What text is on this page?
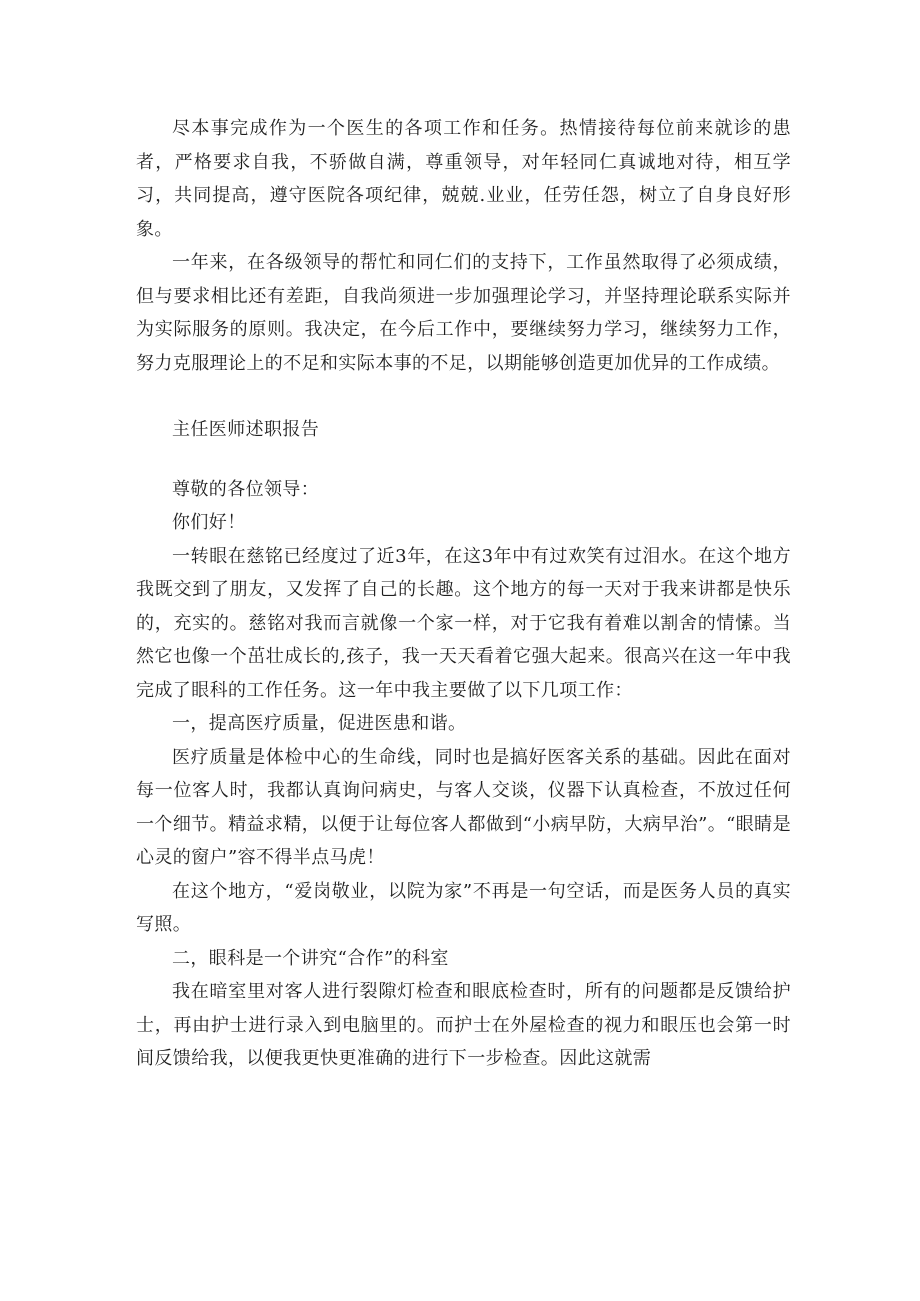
尽本事完成作为一个医生的各项工作和任务。热情接待每位前来就诊的患者，严格要求自我，不骄做自满，尊重领导，对年轻同仁真诚地对待，相互学习，共同提高，遵守医院各项纪律，兢兢.业业，任劳任怨，树立了自身良好形象。

一年来，在各级领导的帮忙和同仁们的支持下，工作虽然取得了必须成绩，但与要求相比还有差距，自我尚须进一步加强理论学习，并坚持理论联系实际并为实际服务的原则。我决定，在今后工作中，要继续努力学习，继续努力工作，努力克服理论上的不足和实际本事的不足，以期能够创造更加优异的工作成绩。

主任医师述职报告

尊敬的各位领导：

你们好！

一转眼在慈铭已经度过了近3年，在这3年中有过欢笑有过泪水。在这个地方我既交到了朋友，又发挥了自己的长趣。这个地方的每一天对于我来讲都是快乐的，充实的。慈铭对我而言就像一个家一样，对于它我有着难以割舍的情愫。当然它也像一个茁壮成长的,孩子，我一天天看着它强大起来。很高兴在这一年中我完成了眼科的工作任务。这一年中我主要做了以下几项工作：

一，提高医疗质量，促进医患和谐。

医疗质量是体检中心的生命线，同时也是搞好医客关系的基础。因此在面对每一位客人时，我都认真询问病史，与客人交谈，仪器下认真检查，不放过任何一个细节。精益求精，以便于让每位客人都做到“小病早防，大病早治”。“眼睛是心灵的窗户”容不得半点马虎！

在这个地方，“爱岗敬业，以院为家”不再是一句空话，而是医务人员的真实写照。

二，眼科是一个讲究“合作”的科室

我在暗室里对客人进行裂隙灯检查和眼底检查时，所有的问题都是反馈给护士，再由护士进行录入到电脑里的。而护士在外屋检查的视力和眼压也会第一时间反馈给我，以便我更快更准确的进行下一步检查。因此这就需
